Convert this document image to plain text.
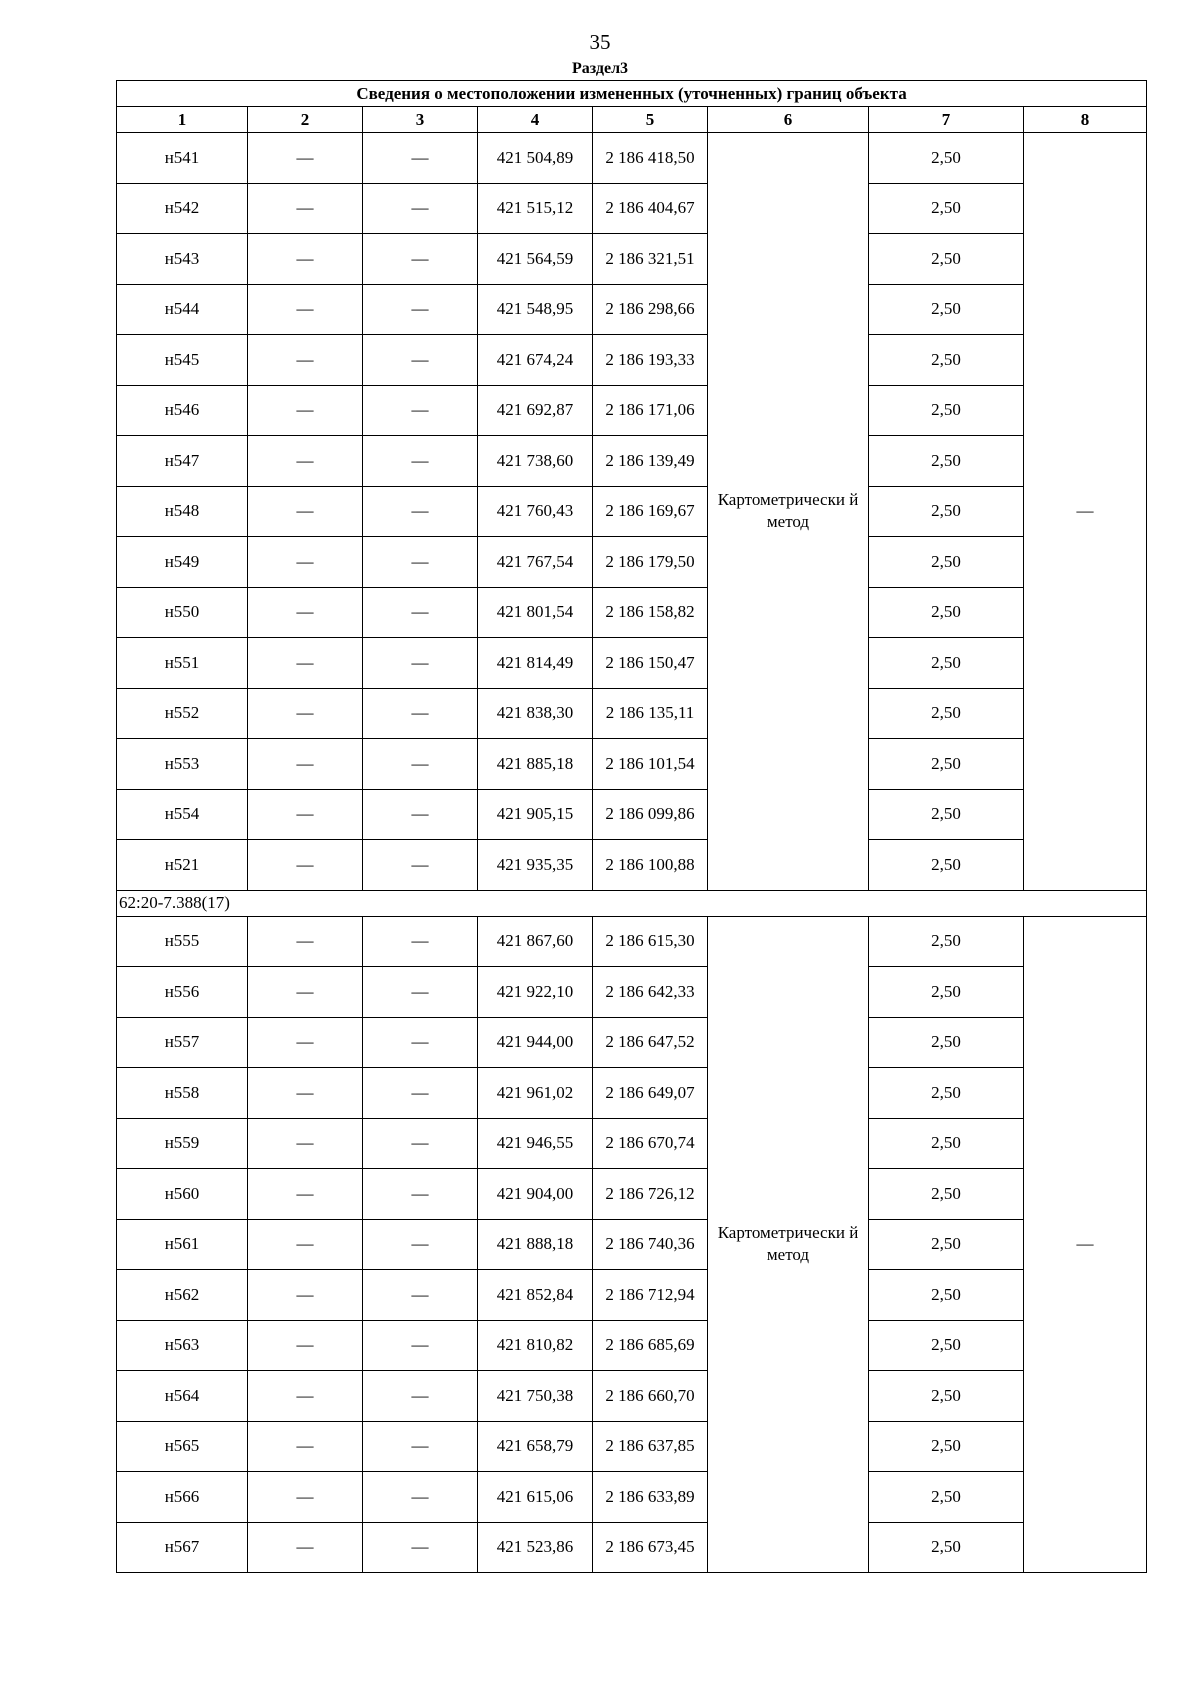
35
Раздел3
Сведения о местоположении измененных (уточненных) границ объекта							
1	2	3	4	5	6	7	8
н541	—	—	421 504,89	2 186 418,50	Картометрически й метод	2,50	—
н542	—	—	421 515,12	2 186 404,67		2,50	
н543	—	—	421 564,59	2 186 321,51		2,50	
н544	—	—	421 548,95	2 186 298,66		2,50	
н545	—	—	421 674,24	2 186 193,33		2,50	
н546	—	—	421 692,87	2 186 171,06		2,50	
н547	—	—	421 738,60	2 186 139,49		2,50	
н548	—	—	421 760,43	2 186 169,67		2,50	
н549	—	—	421 767,54	2 186 179,50		2,50	
н550	—	—	421 801,54	2 186 158,82		2,50	
н551	—	—	421 814,49	2 186 150,47		2,50	
н552	—	—	421 838,30	2 186 135,11		2,50	
н553	—	—	421 885,18	2 186 101,54		2,50	
н554	—	—	421 905,15	2 186 099,86		2,50	
н521	—	—	421 935,35	2 186 100,88		2,50	
62:20-7.388(17)							
н555	—	—	421 867,60	2 186 615,30	Картометрически й метод	2,50	—
н556	—	—	421 922,10	2 186 642,33		2,50	
н557	—	—	421 944,00	2 186 647,52		2,50	
н558	—	—	421 961,02	2 186 649,07		2,50	
н559	—	—	421 946,55	2 186 670,74		2,50	
н560	—	—	421 904,00	2 186 726,12		2,50	
н561	—	—	421 888,18	2 186 740,36		2,50	
н562	—	—	421 852,84	2 186 712,94		2,50	
н563	—	—	421 810,82	2 186 685,69		2,50	
н564	—	—	421 750,38	2 186 660,70		2,50	
н565	—	—	421 658,79	2 186 637,85		2,50	
н566	—	—	421 615,06	2 186 633,89		2,50	
н567	—	—	421 523,86	2 186 673,45		2,50	
